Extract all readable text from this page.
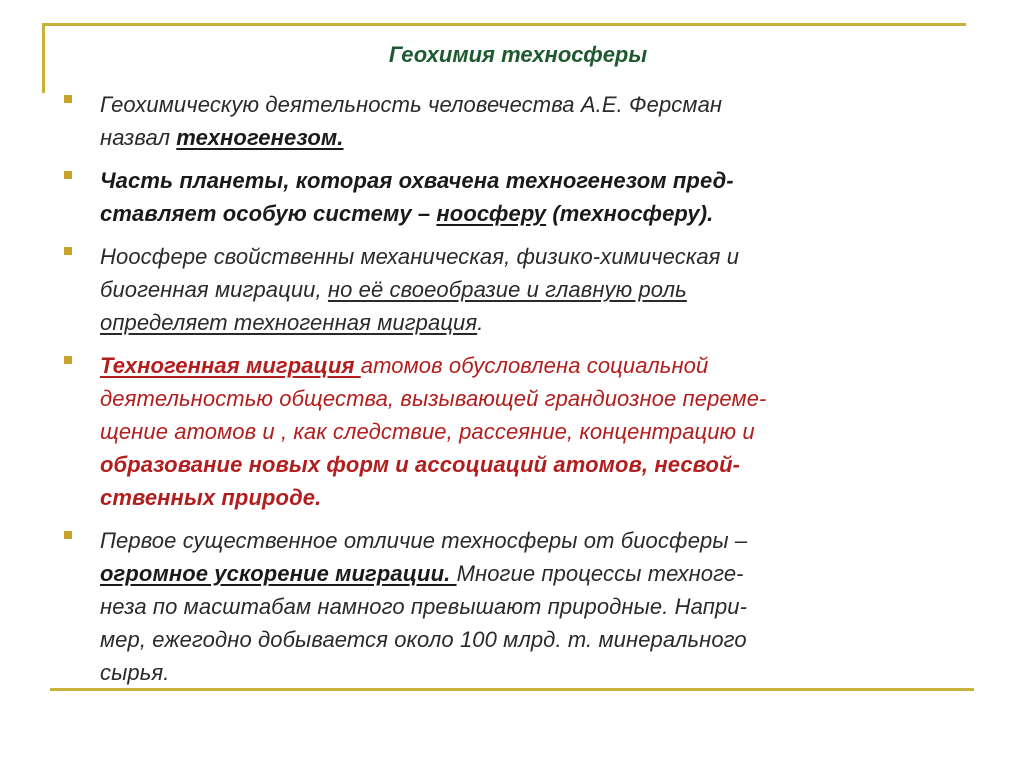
Геохимия техносферы
Геохимическую деятельность человечества А.Е. Ферсман
назвал техногенезом.
Часть планеты, которая охвачена техногенезом пред-
ставляет особую систему – ноосферу (техносферу).
Ноосфере свойственны механическая, физико-химическая и
биогенная миграции, но её своеобразие и главную роль
определяет техногенная миграция.
Техногенная миграция атомов обусловлена социальной
деятельностью общества, вызывающей грандиозное переме-
щение атомов и , как следствие, рассеяние, концентрацию и
образование новых форм и ассоциаций атомов, несвой-
ственных природе.
Первое существенное отличие техносферы от биосферы –
огромное ускорение миграции. Многие процессы техноге-
неза по масштабам намного превышают природные. Напри-
мер, ежегодно добывается около 100 млрд. т. минерального
сырья.
